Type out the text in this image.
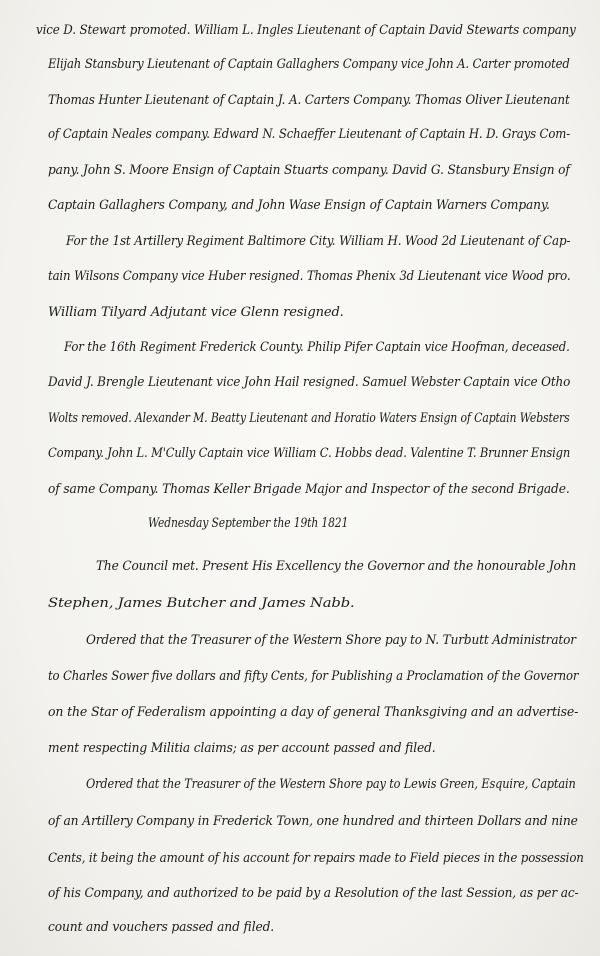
vice D. Stewart promoted. William L. Ingles Lieutenant of Captain David Stewarts company
Elijah Stansbury Lieutenant of Captain Gallaghers Company vice John A. Carter promoted
Thomas Hunter Lieutenant of Captain J. A. Carters Company. Thomas Oliver Lieutenant
of Captain Neales company. Edward N. Schaeffer Lieutenant of Captain H. D. Grays Com-
pany. John S. Moore Ensign of Captain Stuarts company. David G. Stansbury Ensign of
Captain Gallaghers Company, and John Wase Ensign of Captain Warners Company.
For the 1st Artillery Regiment Baltimore City. William H. Wood 2d Lieutenant of Cap-
tain Wilsons Company vice Huber resigned. Thomas Phenix 3d Lieutenant vice Wood pro.
William Tilyard Adjutant vice Glenn resigned.
For the 16th Regiment Frederick County. Philip Pifer Captain vice Hoofman, deceased.
David J. Brengle Lieutenant vice John Hail resigned. Samuel Webster Captain vice Otho
Wolts removed. Alexander M. Beatty Lieutenant and Horatio Waters Ensign of Captain Websters
Company. John L. M'Cully Captain vice William C. Hobbs dead. Valentine T. Brunner Ensign
of same Company. Thomas Keller Brigade Major and Inspector of the second Brigade.
Wednesday September the 19th 1821
The Council met. Present His Excellency the Governor and the honourable John
Stephen, James Butcher and James Nabb.
Ordered that the Treasurer of the Western Shore pay to N. Turbutt Administrator
to Charles Sower five dollars and fifty Cents, for Publishing a Proclamation of the Governor
on the Star of Federalism appointing a day of general Thanksgiving and an advertise-
ment respecting Militia claims; as per account passed and filed.
Ordered that the Treasurer of the Western Shore pay to Lewis Green, Esquire, Captain
of an Artillery Company in Frederick Town, one hundred and thirteen Dollars and nine
Cents, it being the amount of his account for repairs made to Field pieces in the possession
of his Company, and authorized to be paid by a Resolution of the last Session, as per ac-
count and vouchers passed and filed.
